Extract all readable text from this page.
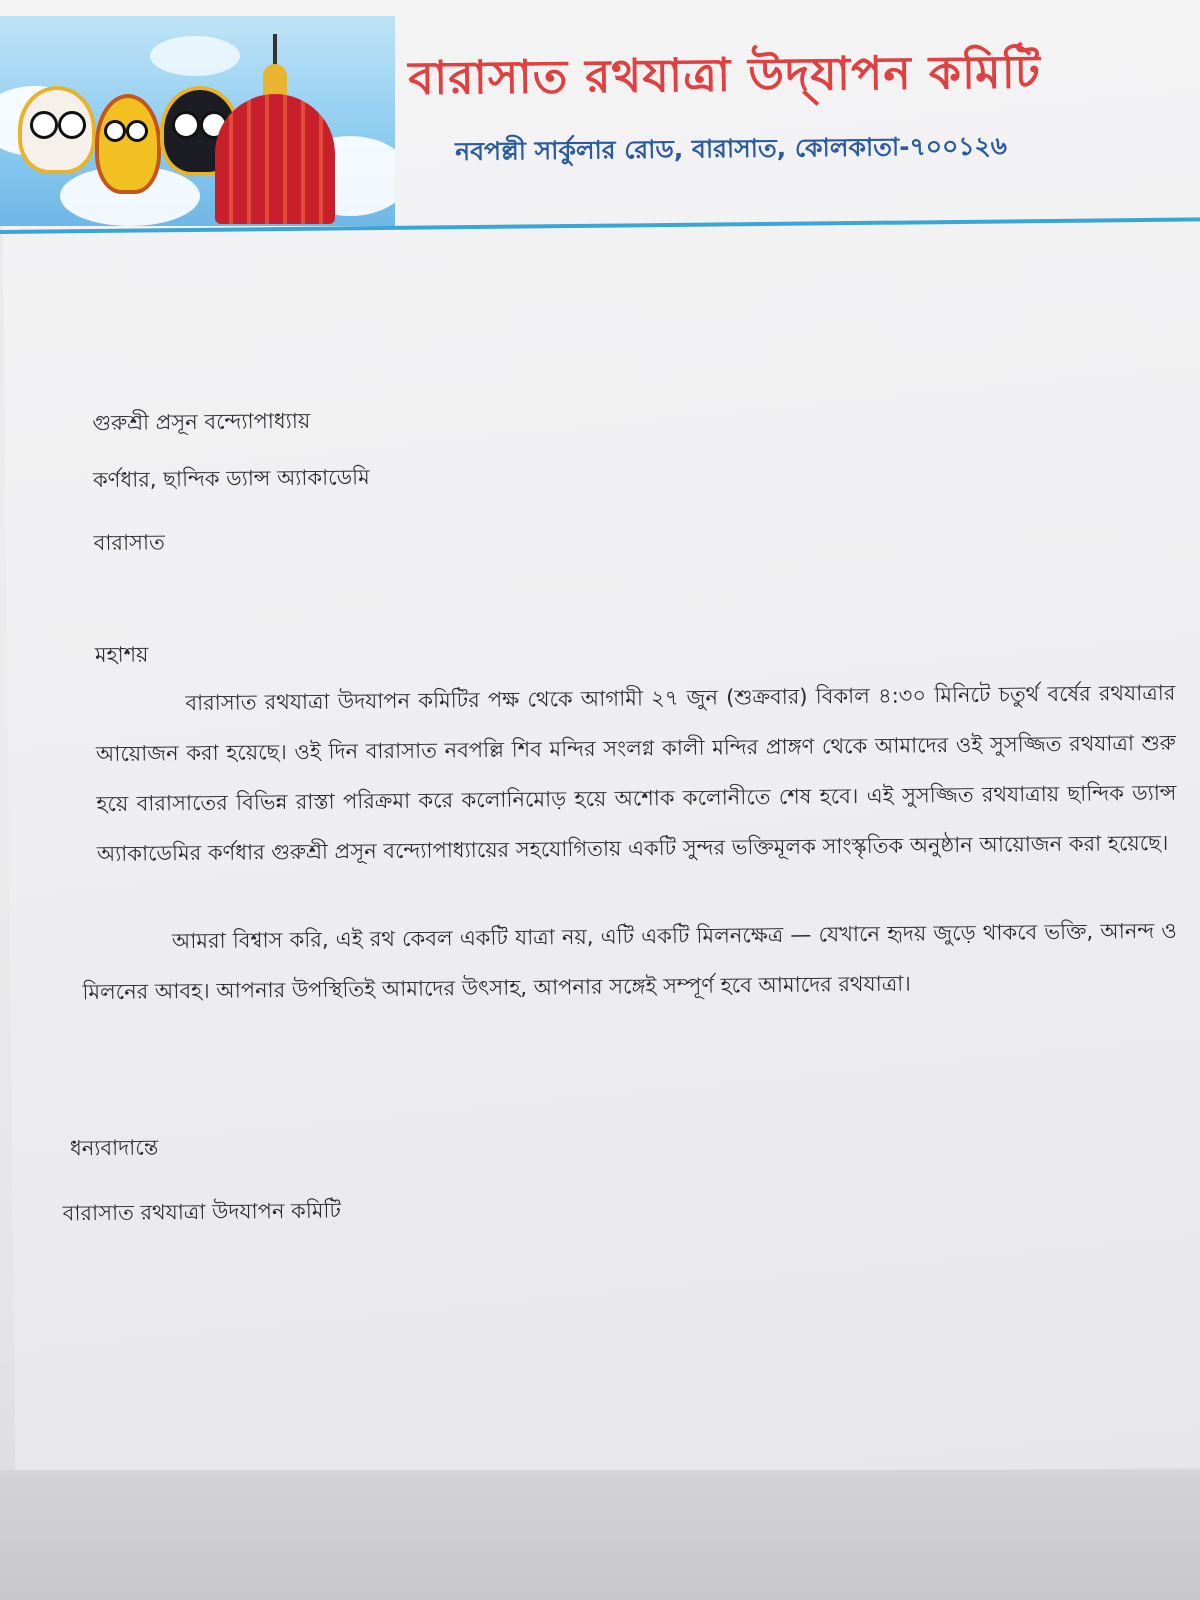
বারাসাত রথযাত্রা উদ্‌যাপন কমিটি
নবপল্লী সার্কুলার রোড, বারাসাত, কোলকাতা-৭০০১২৬
গুরুশ্রী প্রসূন বন্দ্যোপাধ্যায়
কর্ণধার, ছান্দিক ড্যান্স অ্যাকাডেমি
বারাসাত
মহাশয়
বারাসাত রথযাত্রা উদযাপন কমিটির পক্ষ থেকে আগামী ২৭ জুন (শুক্রবার) বিকাল ৪:৩০ মিনিটে চতুর্থ বর্ষের রথযাত্রার আয়োজন করা হয়েছে। ওই দিন বারাসাত নবপল্লি শিব মন্দির সংলগ্ন কালী মন্দির প্রাঙ্গণ থেকে আমাদের ওই সুসজ্জিত রথযাত্রা শুরু হয়ে বারাসাতের বিভিন্ন রাস্তা পরিক্রমা করে কলোনিমোড় হয়ে অশোক কলোনীতে শেষ হবে। এই সুসজ্জিত রথযাত্রায় ছান্দিক ড্যান্স অ্যাকাডেমির কর্ণধার গুরুশ্রী প্রসূন বন্দ্যোপাধ্যায়ের সহযোগিতায় একটি সুন্দর ভক্তিমূলক সাংস্কৃতিক অনুষ্ঠান আয়োজন করা হয়েছে।
আমরা বিশ্বাস করি, এই রথ কেবল একটি যাত্রা নয়, এটি একটি মিলনক্ষেত্র — যেখানে হৃদয় জুড়ে থাকবে ভক্তি, আনন্দ ও মিলনের আবহ। আপনার উপস্থিতিই আমাদের উৎসাহ, আপনার সঙ্গেই সম্পূর্ণ হবে আমাদের রথযাত্রা।
ধন্যবাদান্তে
বারাসাত রথযাত্রা উদযাপন কমিটি
